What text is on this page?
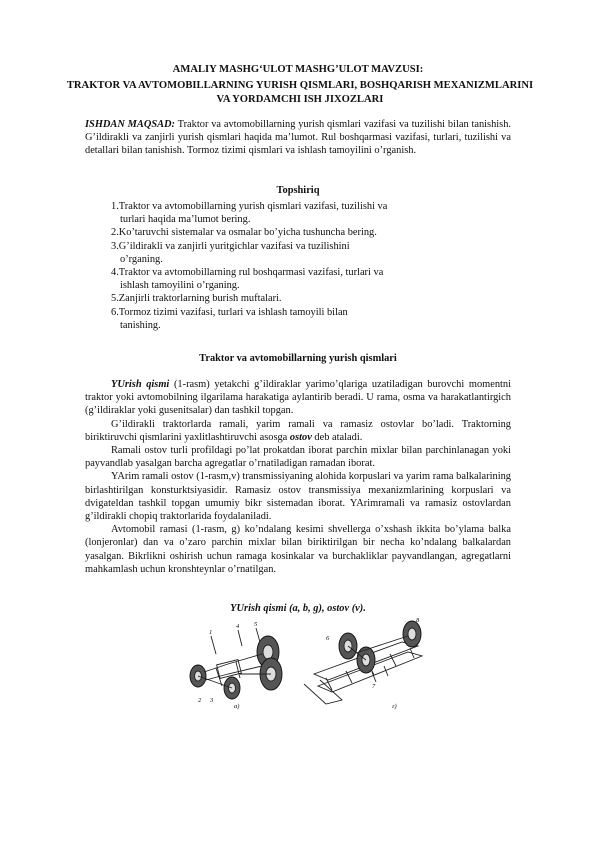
AMALIY MASHG‘ULOT MASHG’ULOT MAVZUSI:
TRAKTOR VA AVTOMOBILLARNING YURISH QISMLARI, BOSHQARISH MEXANIZMLARINI VA YORDAMCHI ISH JIXOZLARI
ISHDAN MAQSAD: Traktor va avtomobillarning yurish qismlari vazifasi va tuzilishi bilan tanishish. G’ildirakli va zanjirli yurish qismlari haqida ma’lumot. Rul boshqarmasi vazifasi, turlari, tuzilishi va detallari bilan tanishish. Tormoz tizimi qismlari va ishlash tamoyilini o’rganish.
Topshiriq
1.Traktor va avtomobillarning yurish qismlari vazifasi, tuzilishi va
turlari haqida ma’lumot bering.
2.Ko’taruvchi sistemalar va osmalar bo’yicha tushuncha bering.
3.G’ildirakli va zanjirli yuritgichlar vazifasi va tuzilishini
o’rganing.
4.Traktor va avtomobillarning rul boshqarmasi vazifasi, turlari va
ishlash tamoyilini o’rganing.
5.Zanjirli traktorlarning burish muftalari.
6.Tormoz tizimi vazifasi, turlari va ishlash tamoyili bilan
tanishing.
Traktor va avtomobillarning yurish qismlari

YUrish qismi (1-rasm) yetakchi g’ildiraklar yarimo’qlariga uzatiladigan burovchi momentni traktor yoki avtomobilning ilgarilama harakatiga aylantirib beradi. U rama, osma va harakatlantirgich (g’ildiraklar yoki gusenitsalar) dan tashkil topgan.

G’ildirakli traktorlarda ramali, yarim ramali va ramasiz ostovlar bo’ladi. Traktorning biriktiruvchi qismlarini yaxlitlashtiruvchi asosga ostov deb ataladi.

Ramali ostov turli profildagi po’lat prokatdan iborat parchin mixlar bilan parchinlanagan yoki payvandlab yasalgan barcha agregatlar o’rnatiladigan ramadan iborat.

YArim ramali ostov (1-rasm,v) transmissiyaning alohida korpuslari va yarim rama balkalarining birlashtirilgan konsturktsiyasidir. Ramasiz ostov transmissiya mexanizmlarining korpuslari va dvigateldan tashkil topgan umumiy bikr sistemadan iborat. YArimramali va ramasiz ostovlardan g’ildirakli chopiq traktorlarida foydalaniladi.

Avtomobil ramasi (1-rasm, g) ko’ndalang kesimi shvellerga o’xshash ikkita bo’ylama balka (lonjeronlar) dan va o’zaro parchin mixlar bilan biriktirilgan bir necha ko’ndalang balkalardan yasalgan. Bikrlikni oshirish uchun ramaga kosinkalar va burchakliklar payvandlangan, agregatlarni mahkamlash uchun kronshteynlar o’rnatilgan.

YUrish qismi (a, b, g), ostov (v).
a)	г)
1
2 3
4 5
6
7
8
